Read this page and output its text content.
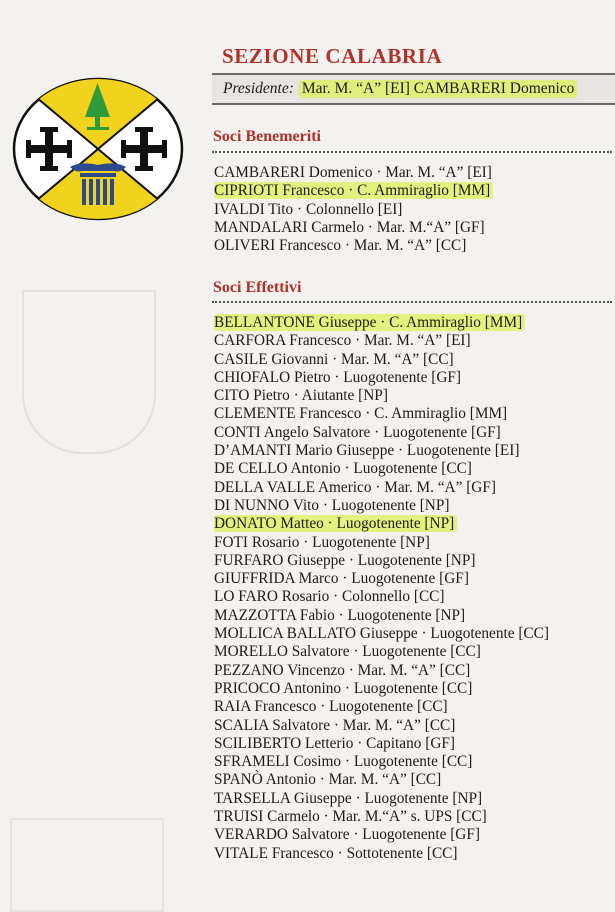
SEZIONE CALABRIA
Presidente: Mar. M. “A” [EI] CAMBARERI Domenico
Soci Benemeriti
CAMBARERI Domenico · Mar. M. “A” [EI]
CIPRIOTI Francesco · C. Ammiraglio [MM]
IVALDI Tito · Colonnello [EI]
MANDALARI Carmelo · Mar. M.“A” [GF]
OLIVERI Francesco · Mar. M. “A” [CC]
Soci Effettivi
BELLANTONE Giuseppe · C. Ammiraglio [MM]
CARFORA Francesco · Mar. M. “A” [EI]
CASILE Giovanni · Mar. M. “A” [CC]
CHIOFALO Pietro · Luogotenente [GF]
CITO Pietro · Aiutante [NP]
CLEMENTE Francesco · C. Ammiraglio [MM]
CONTI Angelo Salvatore · Luogotenente [GF]
D’AMANTI Mario Giuseppe · Luogotenente [EI]
DE CELLO Antonio · Luogotenente [CC]
DELLA VALLE Americo · Mar. M. “A” [GF]
DI NUNNO Vito · Luogotenente [NP]
DONATO Matteo · Luogotenente [NP]
FOTI Rosario · Luogotenente [NP]
FURFARO Giuseppe · Luogotenente [NP]
GIUFFRIDA Marco · Luogotenente [GF]
LO FARO Rosario · Colonnello [CC]
MAZZOTTA Fabio · Luogotenente [NP]
MOLLICA BALLATO Giuseppe · Luogotenente [CC]
MORELLO Salvatore · Luogotenente [CC]
PEZZANO Vincenzo · Mar. M. “A” [CC]
PRICOCO Antonino · Luogotenente [CC]
RAIA Francesco · Luogotenente [CC]
SCALIA Salvatore · Mar. M. “A” [CC]
SCILIBERTO Letterio · Capitano [GF]
SFRAMELI Cosimo · Luogotenente [CC]
SPANÒ Antonio · Mar. M. “A” [CC]
TARSELLA Giuseppe · Luogotenente [NP]
TRUISI Carmelo · Mar. M.“A” s. UPS [CC]
VERARDO Salvatore · Luogotenente [GF]
VITALE Francesco · Sottotenente [CC]
